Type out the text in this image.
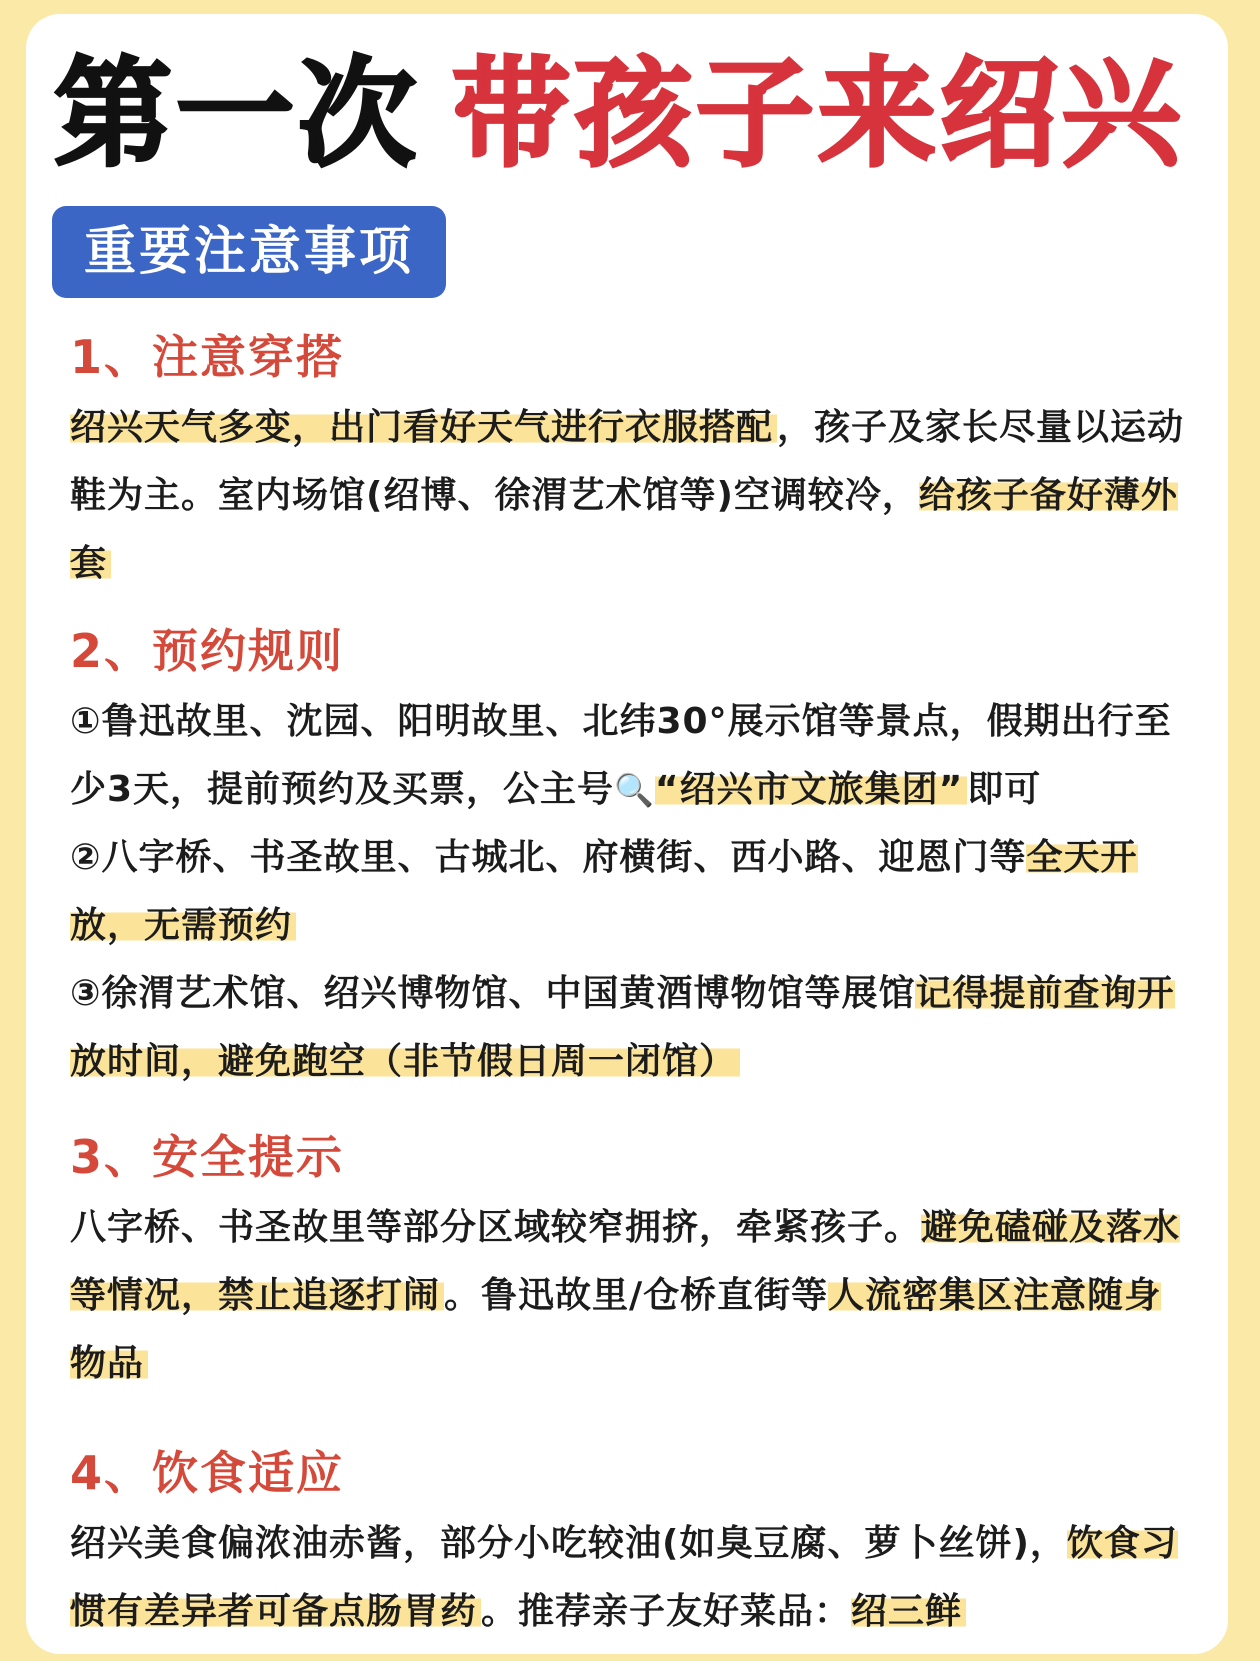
第一次 带孩子来绍兴
重要注意事项
1、注意穿搭
绍兴天气多变，出门看好天气进行衣服搭配 ，孩子及家长尽量以运动鞋为主。室内场馆(绍博、徐渭艺术馆等)空调较冷，给孩子备好薄外套
2、预约规则
①鲁迅故里、沈园、阳明故里、北纬30°展示馆等景点，假期出行至少3天，提前预约及买票，公主号🔍“绍兴市文旅集团” 即可
②八字桥、书圣故里、古城北、府横街、西小路、迎恩门等全天开放，无需预约
③徐渭艺术馆、绍兴博物馆、中国黄酒博物馆等展馆记得提前查询开放时间，避免跑空（非节假日周一闭馆）
3、安全提示
八字桥、书圣故里等部分区域较窄拥挤，牵紧孩子。避免磕碰及落水等情况，禁止追逐打闹 。鲁迅故里/仓桥直街等人流密集区注意随身物品
4、饮食适应
绍兴美食偏浓油赤酱，部分小吃较油(如臭豆腐、萝卜丝饼)，饮食习惯有差异者可备点肠胃药 。推荐亲子友好菜品：绍三鲜
